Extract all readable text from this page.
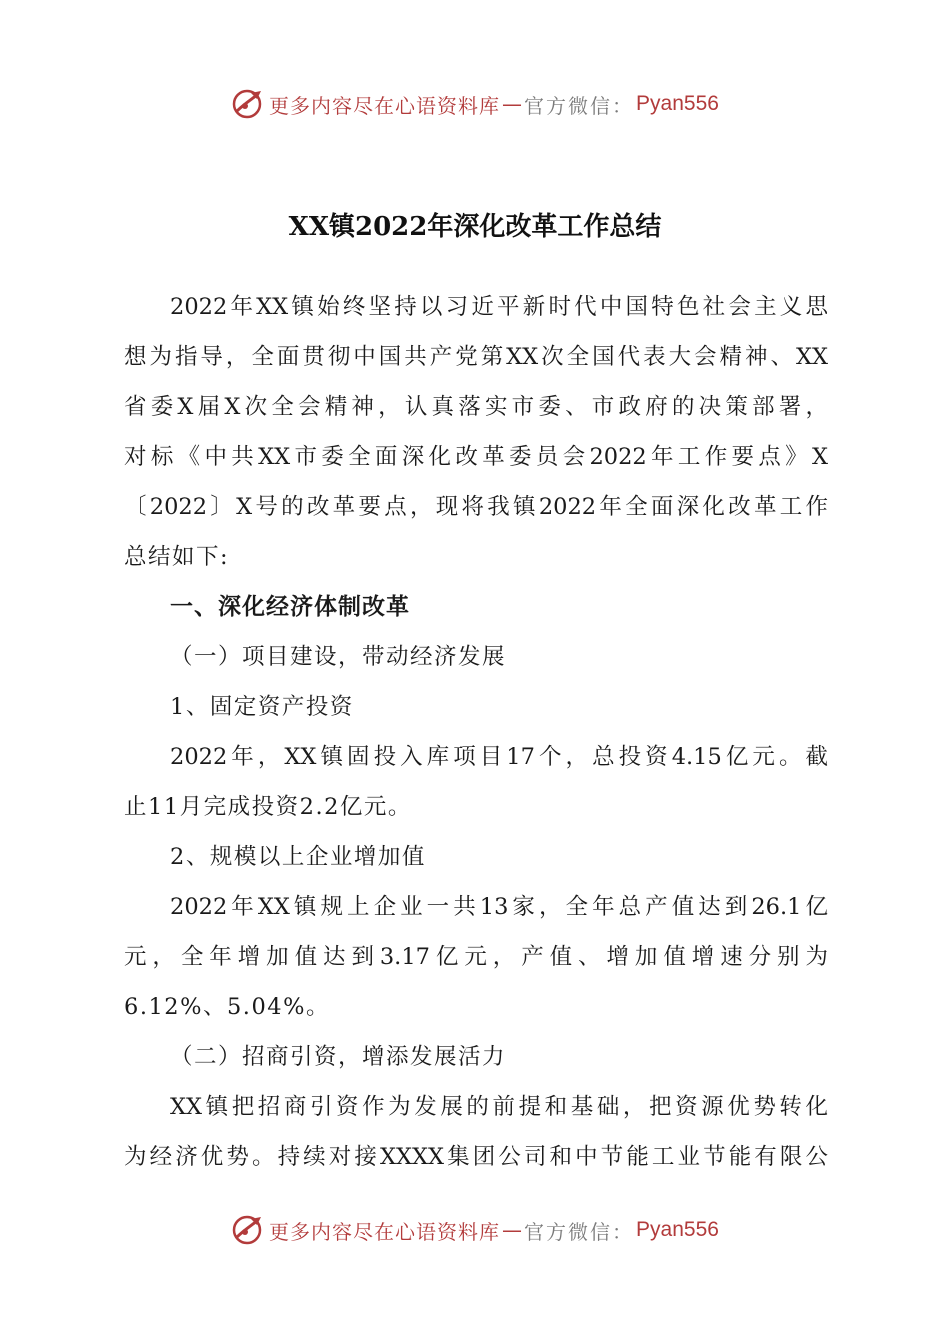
更多内容尽在心语资料库 — 官方微信： Pyan556
XX镇2022年深化改革工作总结
2022年XX镇始终坚持以习近平新时代中国特色社会主义思
想为指导，全面贯彻中国共产党第XX次全国代表大会精神、XX
省委X届X次全会精神，认真落实市委、市政府的决策部署，
对标《中共XX市委全面深化改革委员会2022年工作要点》X
〔2022〕X号的改革要点，现将我镇2022年全面深化改革工作
总结如下:
一、深化经济体制改革
（一）项目建设，带动经济发展
1、固定资产投资
2022年，XX镇固投入库项目17个，总投资4.15亿元。截
止11月完成投资2.2亿元。
2、规模以上企业增加值
2022年XX镇规上企业一共13家，全年总产值达到26.1亿
元，全年增加值达到3.17亿元，产值、增加值增速分别为
6.12%、5.04%。
（二）招商引资，增添发展活力
XX镇把招商引资作为发展的前提和基础，把资源优势转化
为经济优势。持续对接XXXX集团公司和中节能工业节能有限公
更多内容尽在心语资料库 — 官方微信： Pyan556
